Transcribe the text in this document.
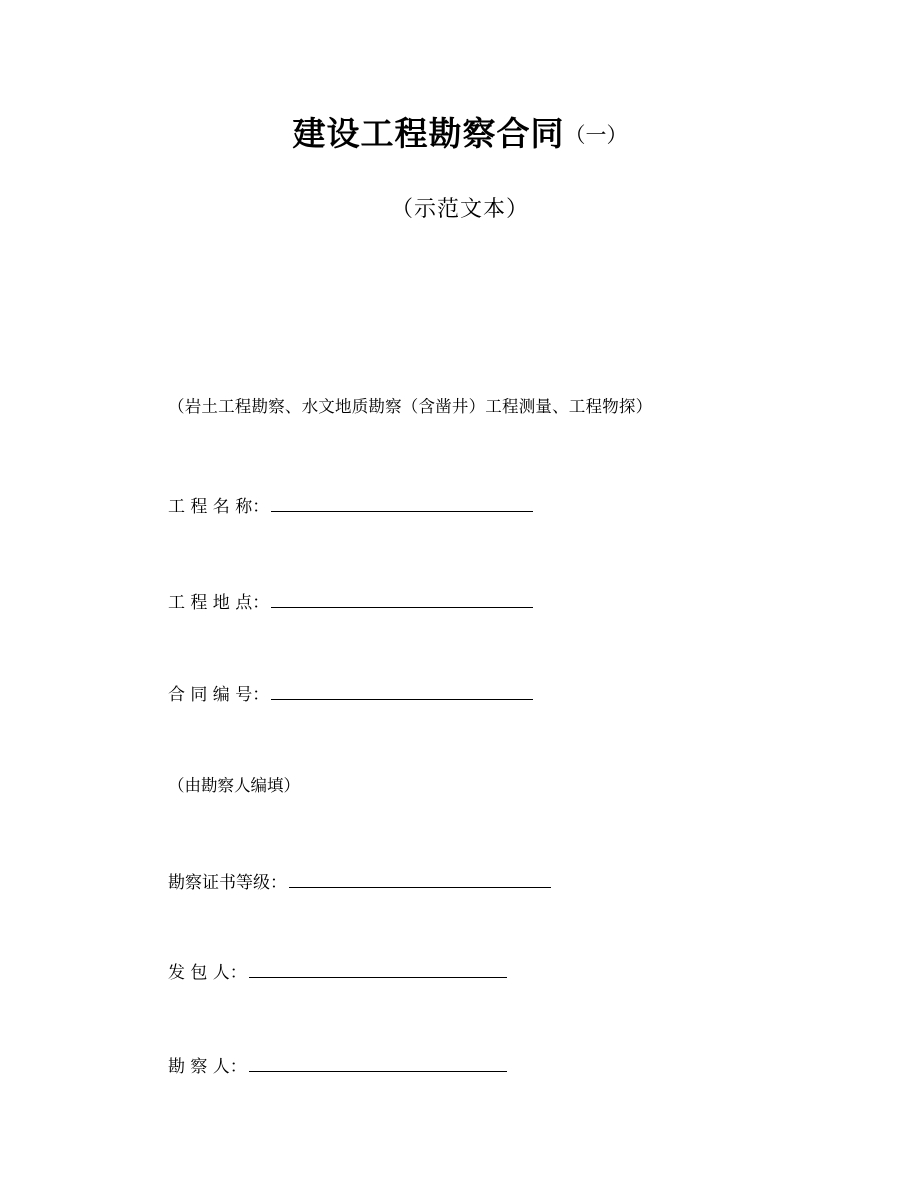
建设工程勘察合同（一）
（示范文本）
（岩土工程勘察、水文地质勘察（含凿井）工程测量、工程物探）
工 程 名 称：
工 程 地 点：
合 同 编 号：
（由勘察人编填）
勘察证书等级：
发 包 人：
勘 察 人：
